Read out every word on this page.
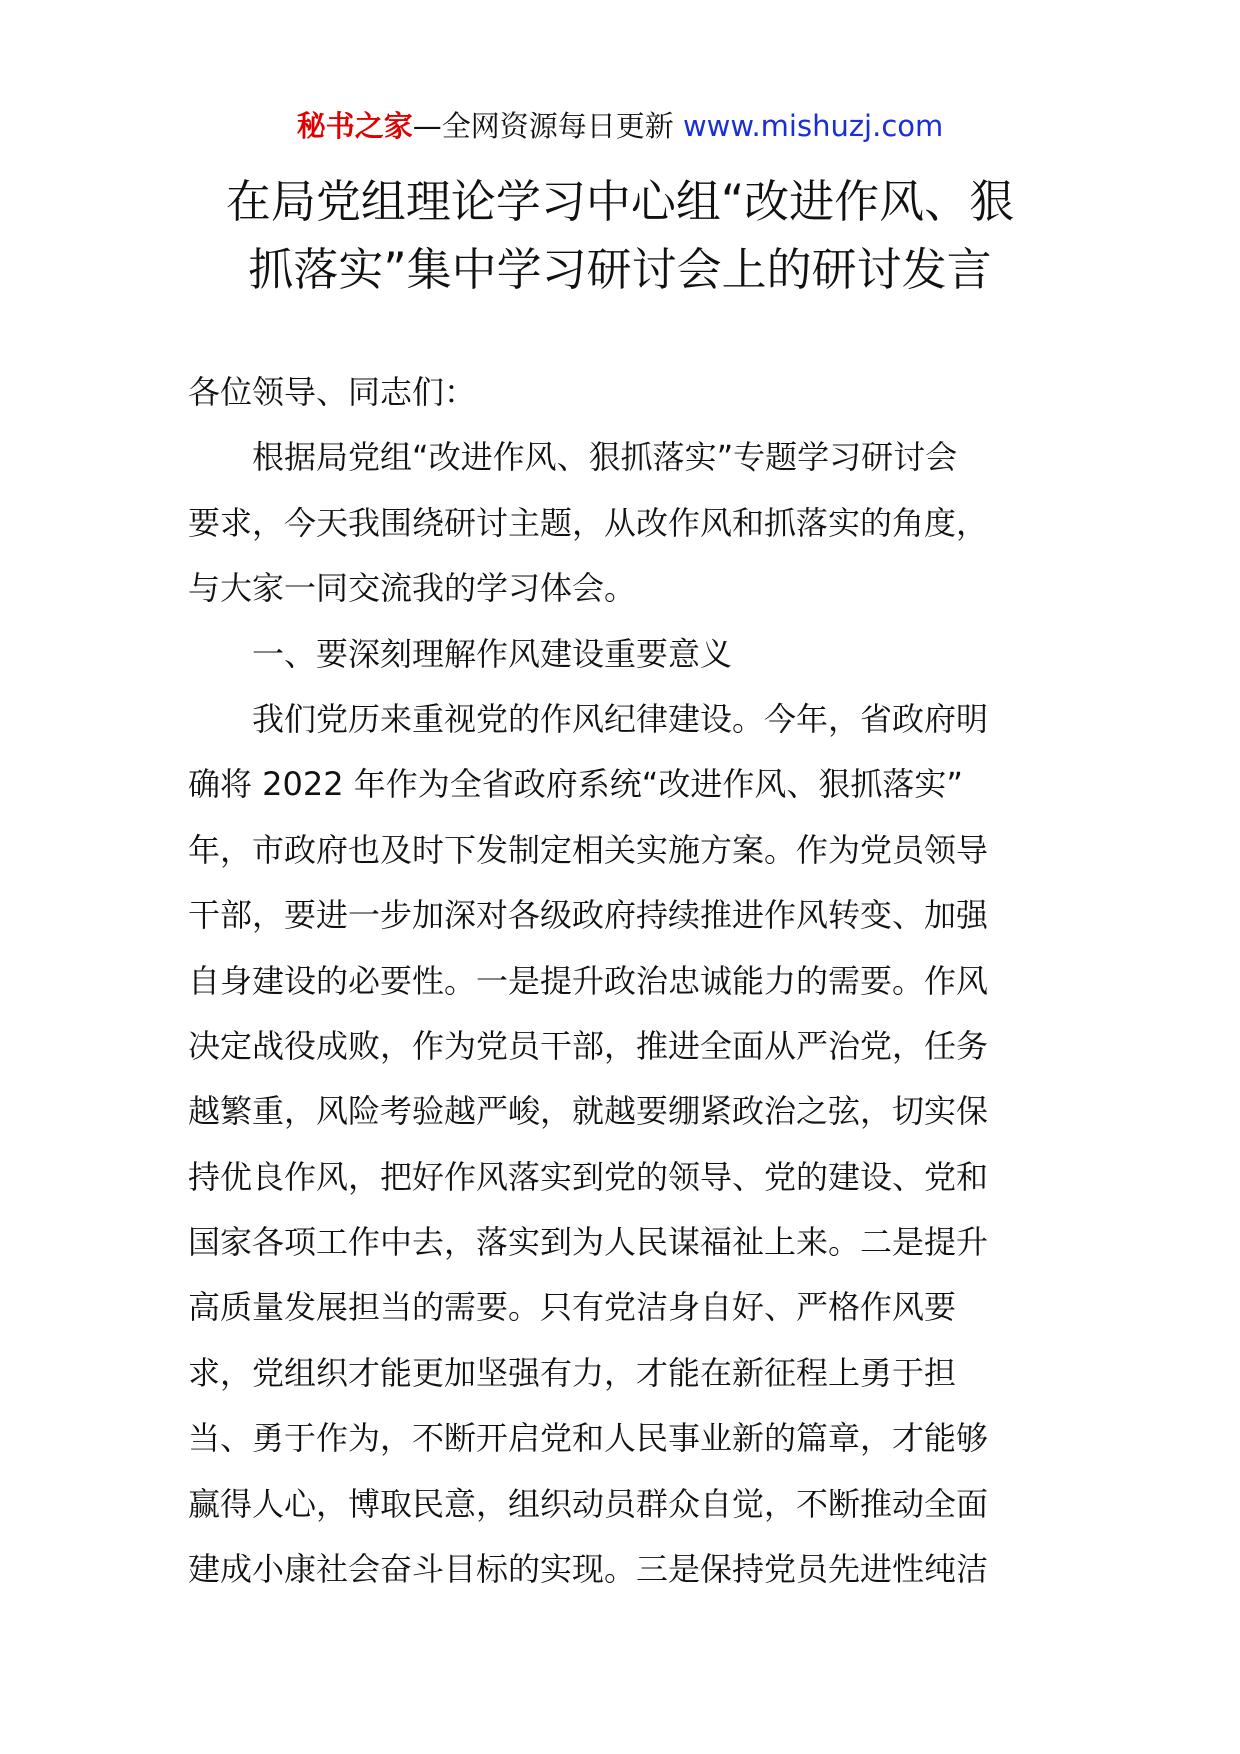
秘书之家—全网资源每日更新 www.mishuzj.com
在局党组理论学习中心组“改进作风、狠
抓落实”集中学习研讨会上的研讨发言
各位领导、同志们：
　　根据局党组“改进作风、狠抓落实”专题学习研讨会
要求，今天我围绕研讨主题，从改作风和抓落实的角度，
与大家一同交流我的学习体会。
　　一、要深刻理解作风建设重要意义
　　我们党历来重视党的作风纪律建设。今年，省政府明
确将 2022 年作为全省政府系统“改进作风、狠抓落实”
年，市政府也及时下发制定相关实施方案。作为党员领导
干部，要进一步加深对各级政府持续推进作风转变、加强
自身建设的必要性。一是提升政治忠诚能力的需要。作风
决定战役成败，作为党员干部，推进全面从严治党，任务
越繁重，风险考验越严峻，就越要绷紧政治之弦，切实保
持优良作风，把好作风落实到党的领导、党的建设、党和
国家各项工作中去，落实到为人民谋福祉上来。二是提升
高质量发展担当的需要。只有党洁身自好、严格作风要
求，党组织才能更加坚强有力，才能在新征程上勇于担
当、勇于作为，不断开启党和人民事业新的篇章，才能够
赢得人心，博取民意，组织动员群众自觉，不断推动全面
建成小康社会奋斗目标的实现。三是保持党员先进性纯洁
